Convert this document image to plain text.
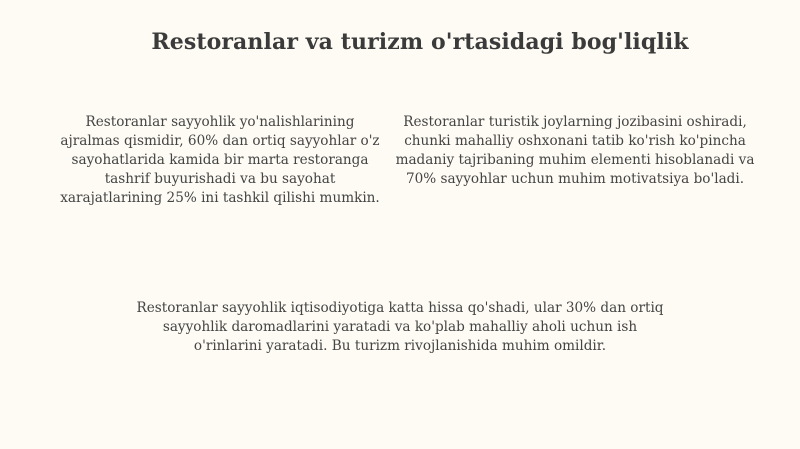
Restoranlar va turizm o'rtasidagi bog'liqlik
Restoranlar sayyohlik yo'nalishlarining ajralmas qismidir, 60% dan ortiq sayyohlar o'z sayohatlarida kamida bir marta restoranga tashrif buyurishadi va bu sayohat xarajatlarining 25% ini tashkil qilishi mumkin.
Restoranlar turistik joylarning jozibasini oshiradi, chunki mahalliy oshxonani tatib ko'rish ko'pincha madaniy tajribaning muhim elementi hisoblanadi va 70% sayyohlar uchun muhim motivatsiya bo'ladi.
Restoranlar sayyohlik iqtisodiyotiga katta hissa qo'shadi, ular 30% dan ortiq sayyohlik daromadlarini yaratadi va ko'plab mahalliy aholi uchun ish o'rinlarini yaratadi. Bu turizm rivojlanishida muhim omildir.
